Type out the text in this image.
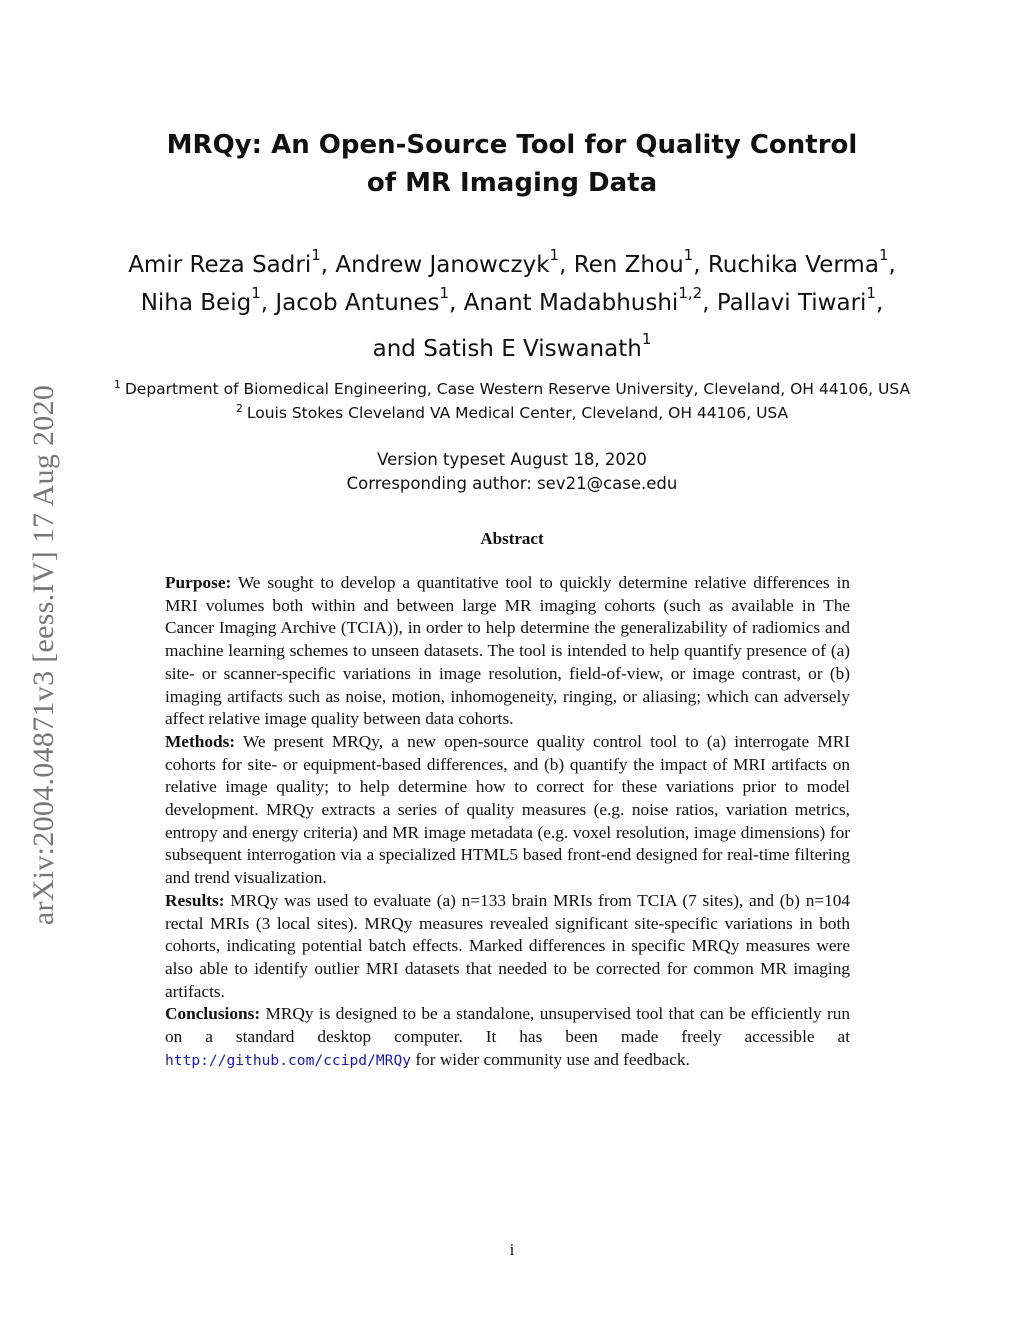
arXiv:2004.04871v3 [eess.IV] 17 Aug 2020
MRQy: An Open-Source Tool for Quality Control
of MR Imaging Data
Amir Reza Sadri$^1$, Andrew Janowczyk$^1$, Ren Zhou$^1$, Ruchika Verma$^1$,
Niha Beig$^1$, Jacob Antunes$^1$, Anant Madabhushi$^{1,2}$, Pallavi Tiwari$^1$,
and Satish E Viswanath$^1$
$^1$ Department of Biomedical Engineering, Case Western Reserve University, Cleveland, OH 44106, USA
$^2$ Louis Stokes Cleveland VA Medical Center, Cleveland, OH 44106, USA
Version typeset August 18, 2020
Corresponding author: sev21@case.edu
Abstract

Purpose: We sought to develop a quantitative tool to quickly determine relative differences in MRI volumes both within and between large MR imaging cohorts (such as available in The Cancer Imaging Archive (TCIA)), in order to help determine the generalizability of radiomics and machine learning schemes to unseen datasets. The tool is intended to help quantify presence of (a) site- or scanner-specific variations in image resolution, field-of-view, or image contrast, or (b) imaging artifacts such as noise, motion, inhomogeneity, ringing, or aliasing; which can adversely affect relative image quality between data cohorts.

Methods: We present MRQy, a new open-source quality control tool to (a) interrogate MRI cohorts for site- or equipment-based differences, and (b) quantify the impact of MRI artifacts on relative image quality; to help determine how to correct for these variations prior to model development. MRQy extracts a series of quality measures (e.g. noise ratios, variation metrics, entropy and energy criteria) and MR image metadata (e.g. voxel resolution, image dimensions) for subsequent interrogation via a specialized HTML5 based front-end designed for real-time filtering and trend visualization.

Results: MRQy was used to evaluate (a) n=133 brain MRIs from TCIA (7 sites), and (b) n=104 rectal MRIs (3 local sites). MRQy measures revealed significant site-specific variations in both cohorts, indicating potential batch effects. Marked differences in specific MRQy measures were also able to identify outlier MRI datasets that needed to be corrected for common MR imaging artifacts.

Conclusions: MRQy is designed to be a standalone, unsupervised tool that can be efficiently run on a standard desktop computer. It has been made freely accessible at http://github.com/ccipd/MRQy for wider community use and feedback.

i
